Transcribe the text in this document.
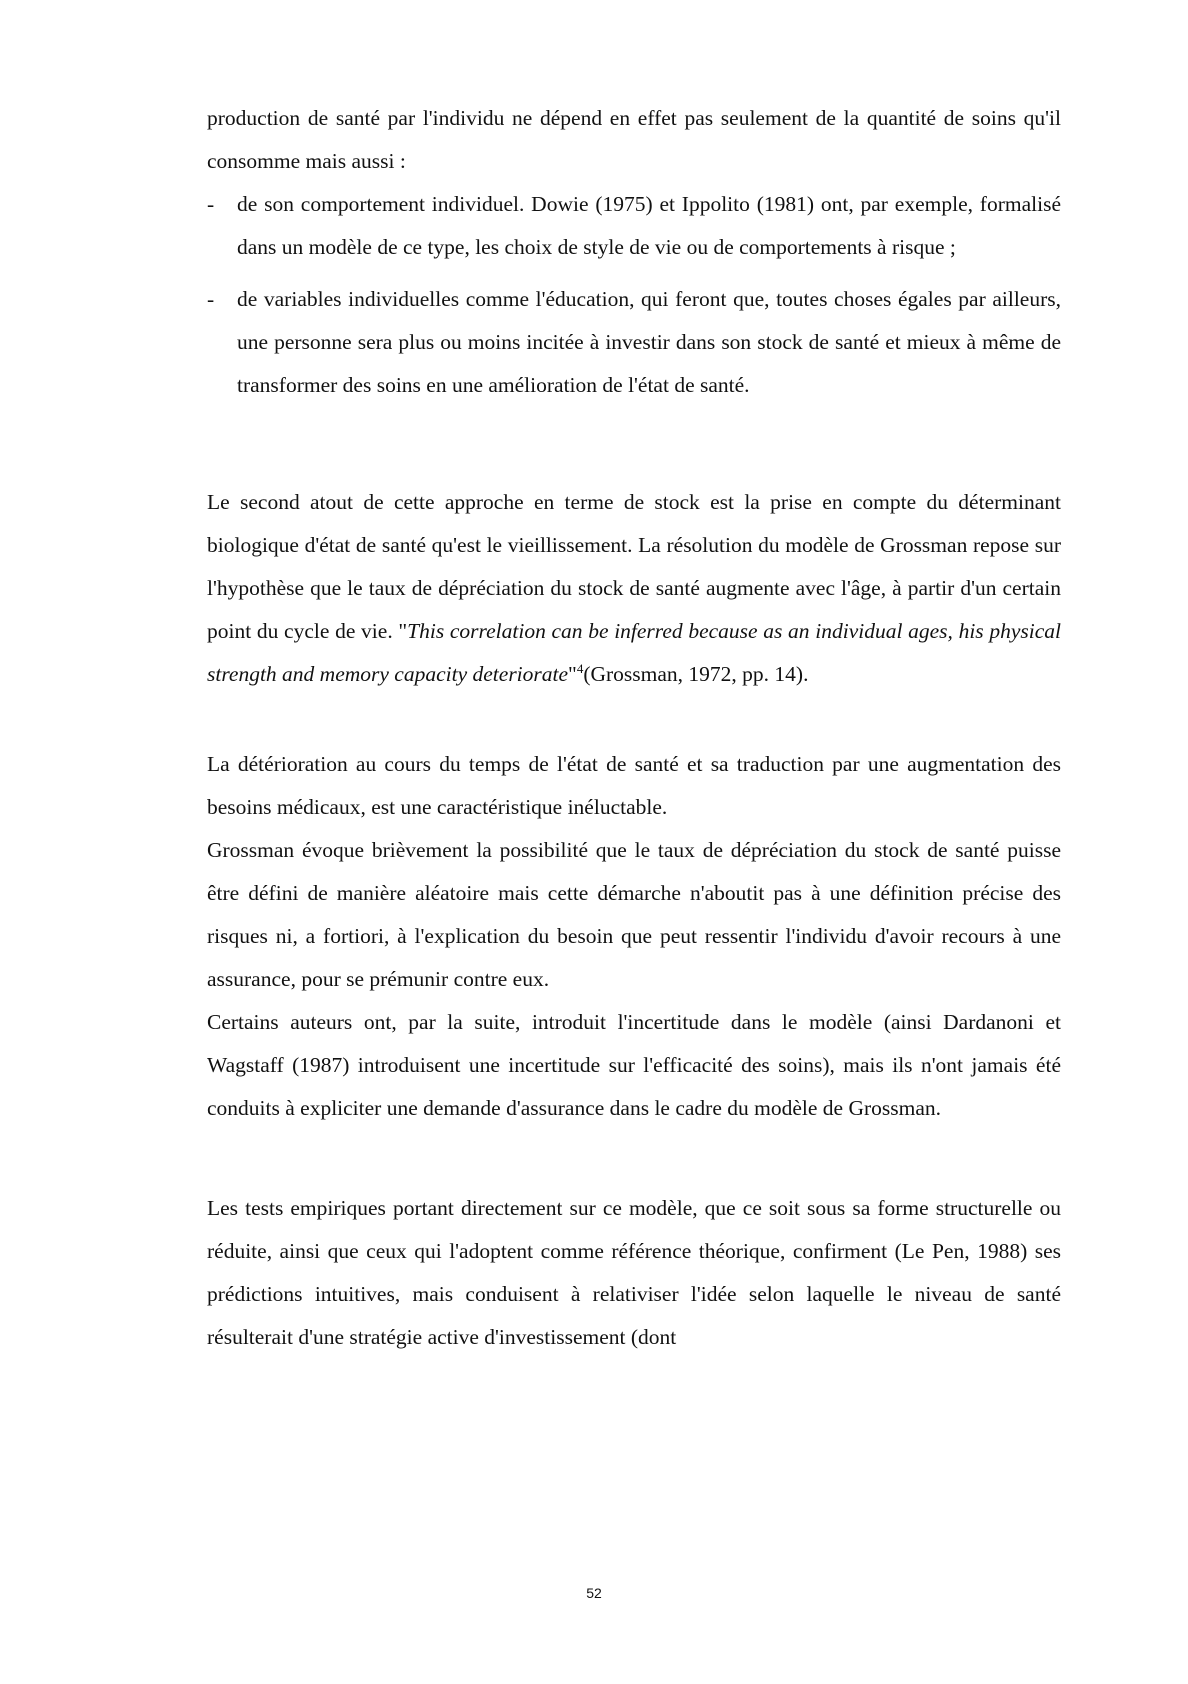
production de santé par l'individu ne dépend en effet pas seulement de la quantité de soins qu'il consomme mais aussi :

- de son comportement individuel. Dowie (1975) et Ippolito (1981) ont, par exemple, formalisé dans un modèle de ce type, les choix de style de vie ou de comportements à risque ;
- de variables individuelles comme l'éducation, qui feront que, toutes choses égales par ailleurs, une personne sera plus ou moins incitée à investir dans son stock de santé et mieux à même de transformer des soins en une amélioration de l'état de santé.

Le second atout de cette approche en terme de stock est la prise en compte du déterminant biologique d'état de santé qu'est le vieillissement. La résolution du modèle de Grossman repose sur l'hypothèse que le taux de dépréciation du stock de santé augmente avec l'âge, à partir d'un certain point du cycle de vie. "This correlation can be inferred because as an individual ages, his physical strength and memory capacity deteriorate"$^4$(Grossman, 1972, pp. 14).

La détérioration au cours du temps de l'état de santé et sa traduction par une augmentation des besoins médicaux, est une caractéristique inéluctable.

Grossman évoque brièvement la possibilité que le taux de dépréciation du stock de santé puisse être défini de manière aléatoire mais cette démarche n'aboutit pas à une définition précise des risques ni, a fortiori, à l'explication du besoin que peut ressentir l'individu d'avoir recours à une assurance, pour se prémunir contre eux.

Certains auteurs ont, par la suite, introduit l'incertitude dans le modèle (ainsi Dardanoni et Wagstaff (1987) introduisent une incertitude sur l'efficacité des soins), mais ils n'ont jamais été conduits à expliciter une demande d'assurance dans le cadre du modèle de Grossman.

Les tests empiriques portant directement sur ce modèle, que ce soit sous sa forme structurelle ou réduite, ainsi que ceux qui l'adoptent comme référence théorique, confirment (Le Pen, 1988) ses prédictions intuitives, mais conduisent à relativiser l'idée selon laquelle le niveau de santé résulterait d'une stratégie active d'investissement (dont

52
